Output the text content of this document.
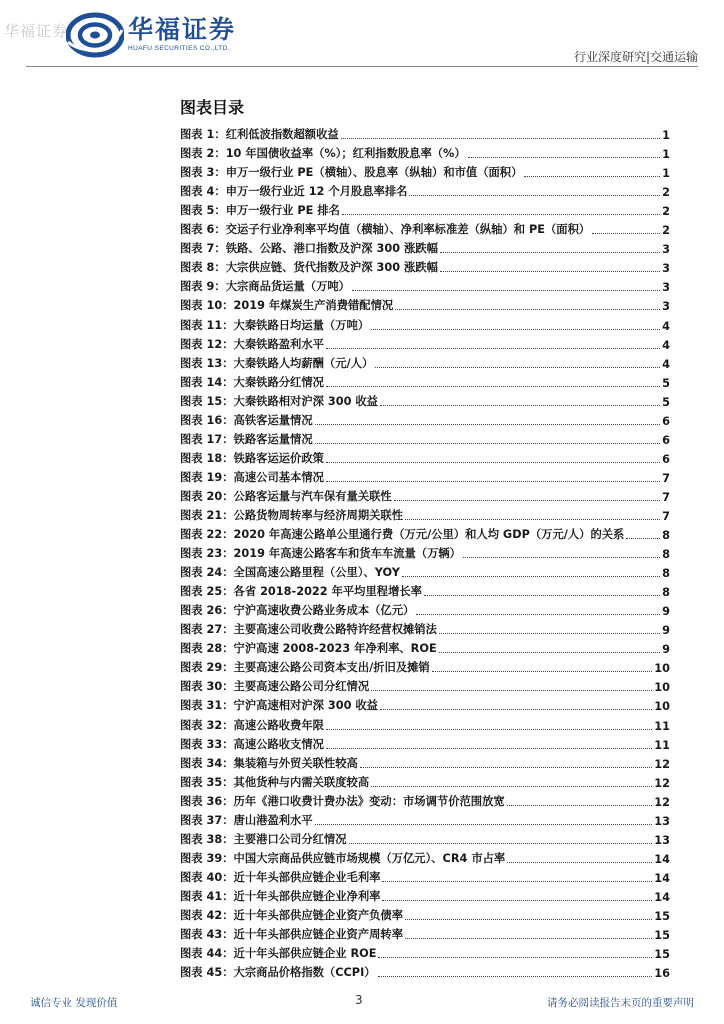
华福证券 华福证券
HUAFU SECURITIES CO.,LTD.
行业深度研究|交通运输
图表目录
图表 1：红利低波指数超额收益	1
图表 2：10 年国债收益率（%）；红利指数股息率（%）	1
图表 3：申万一级行业 PE（横轴）、股息率（纵轴）和市值（面积）	1
图表 4：申万一级行业近 12 个月股息率排名	2
图表 5：申万一级行业 PE 排名	2
图表 6：交运子行业净利率平均值（横轴）、净利率标准差（纵轴）和 PE（面积）	2
图表 7：铁路、公路、港口指数及沪深 300 涨跌幅	3
图表 8：大宗供应链、货代指数及沪深 300 涨跌幅	3
图表 9：大宗商品货运量（万吨）	3
图表 10：2019 年煤炭生产消费错配情况	3
图表 11：大秦铁路日均运量（万吨）	4
图表 12：大秦铁路盈利水平	4
图表 13：大秦铁路人均薪酬（元/人）	4
图表 14：大秦铁路分红情况	5
图表 15：大秦铁路相对沪深 300 收益	5
图表 16：高铁客运量情况	6
图表 17：铁路客运量情况	6
图表 18：铁路客运运价政策	6
图表 19：高速公司基本情况	7
图表 20：公路客运量与汽车保有量关联性	7
图表 21：公路货物周转率与经济周期关联性	7
图表 22：2020 年高速公路单公里通行费（万元/公里）和人均 GDP（万元/人）的关系	8
图表 23：2019 年高速公路客车和货车车流量（万辆）	8
图表 24：全国高速公路里程（公里）、YOY	8
图表 25：各省 2018-2022 年平均里程增长率	8
图表 26：宁沪高速收费公路业务成本（亿元）	9
图表 27：主要高速公司收费公路特许经营权摊销法	9
图表 28：宁沪高速 2008-2023 年净利率、ROE	9
图表 29：主要高速公路公司资本支出/折旧及摊销	10
图表 30：主要高速公路公司分红情况	10
图表 31：宁沪高速相对沪深 300 收益	10
图表 32：高速公路收费年限	11
图表 33：高速公路收支情况	11
图表 34：集装箱与外贸关联性较高	12
图表 35：其他货种与内需关联度较高	12
图表 36：历年《港口收费计费办法》变动：市场调节价范围放宽	12
图表 37：唐山港盈利水平	13
图表 38：主要港口公司分红情况	13
图表 39：中国大宗商品供应链市场规模（万亿元）、CR4 市占率	14
图表 40：近十年头部供应链企业毛利率	14
图表 41：近十年头部供应链企业净利率	14
图表 42：近十年头部供应链企业资产负债率	15
图表 43：近十年头部供应链企业资产周转率	15
图表 44：近十年头部供应链企业 ROE	15
图表 45：大宗商品价格指数（CCPI）	16
诚信专业 发现价值	3	请务必阅读报告末页的重要声明
